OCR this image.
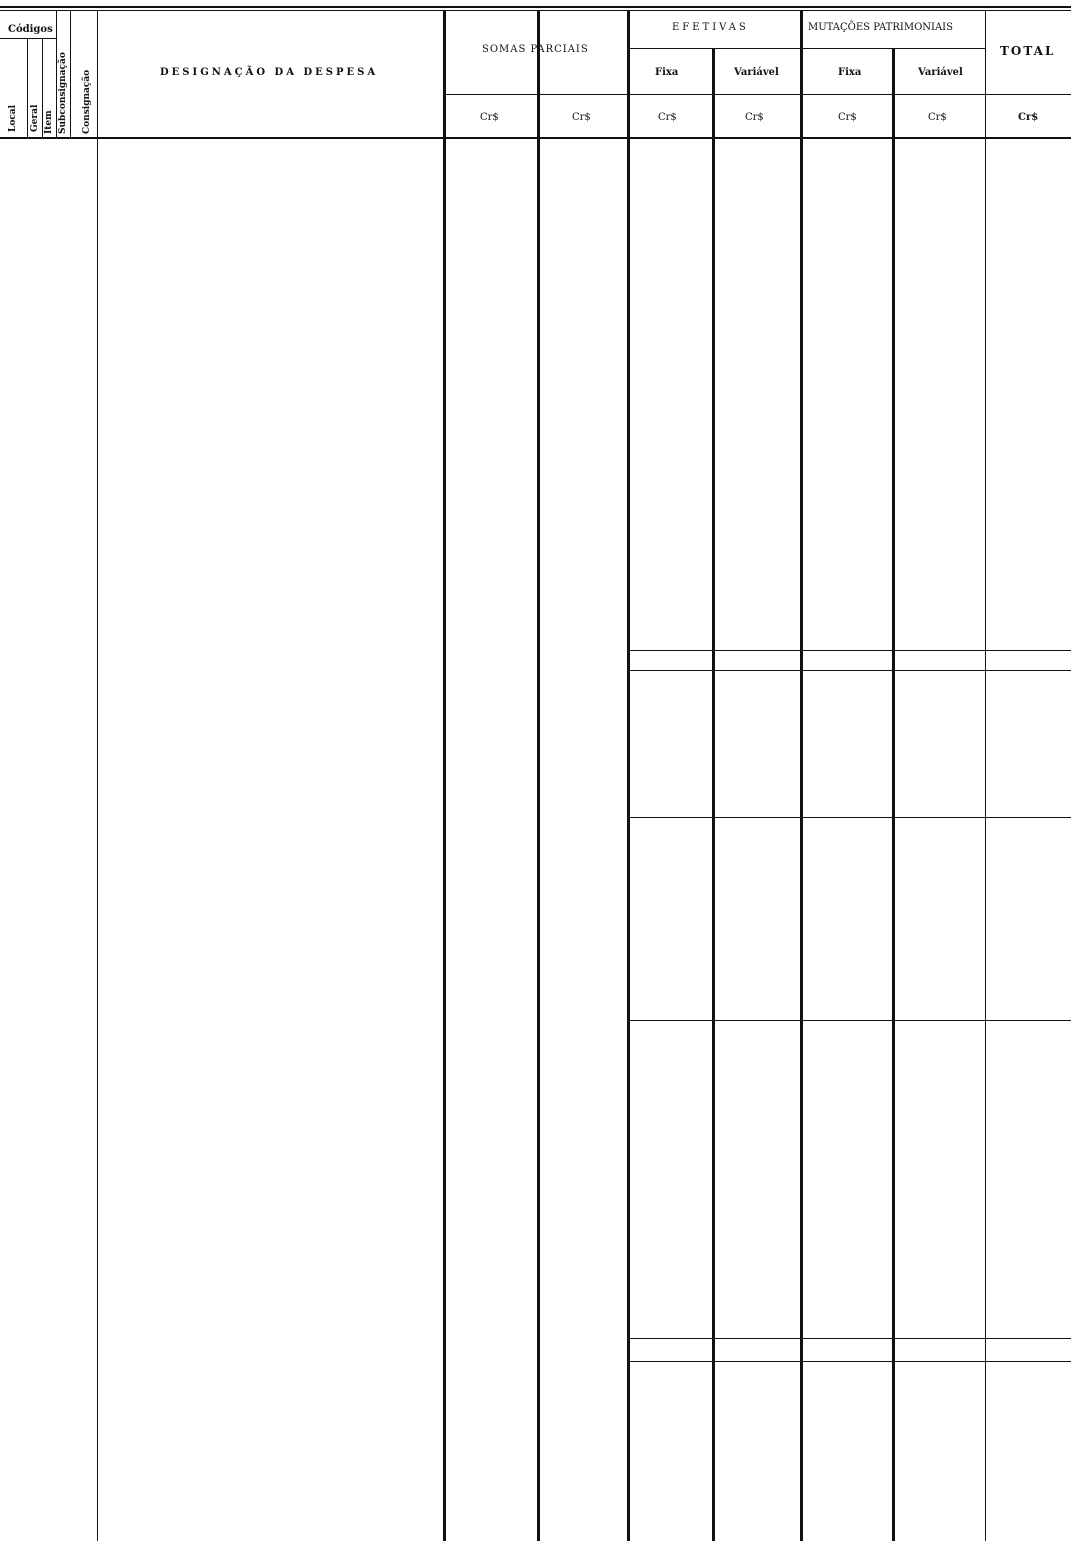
Códigos
Local Geral Item Subconsignação Consignação	DESIGNAÇÃO DA DESPESA
SOMAS PARCIAIS
EFETIVAS	MUTAÇÕES PATRIMONIAIS
TOTAL
Fixa	Variável	Fixa	Variável
Cr$	Cr$	Cr$	Cr$	Cr$	Cr$	Cr$
